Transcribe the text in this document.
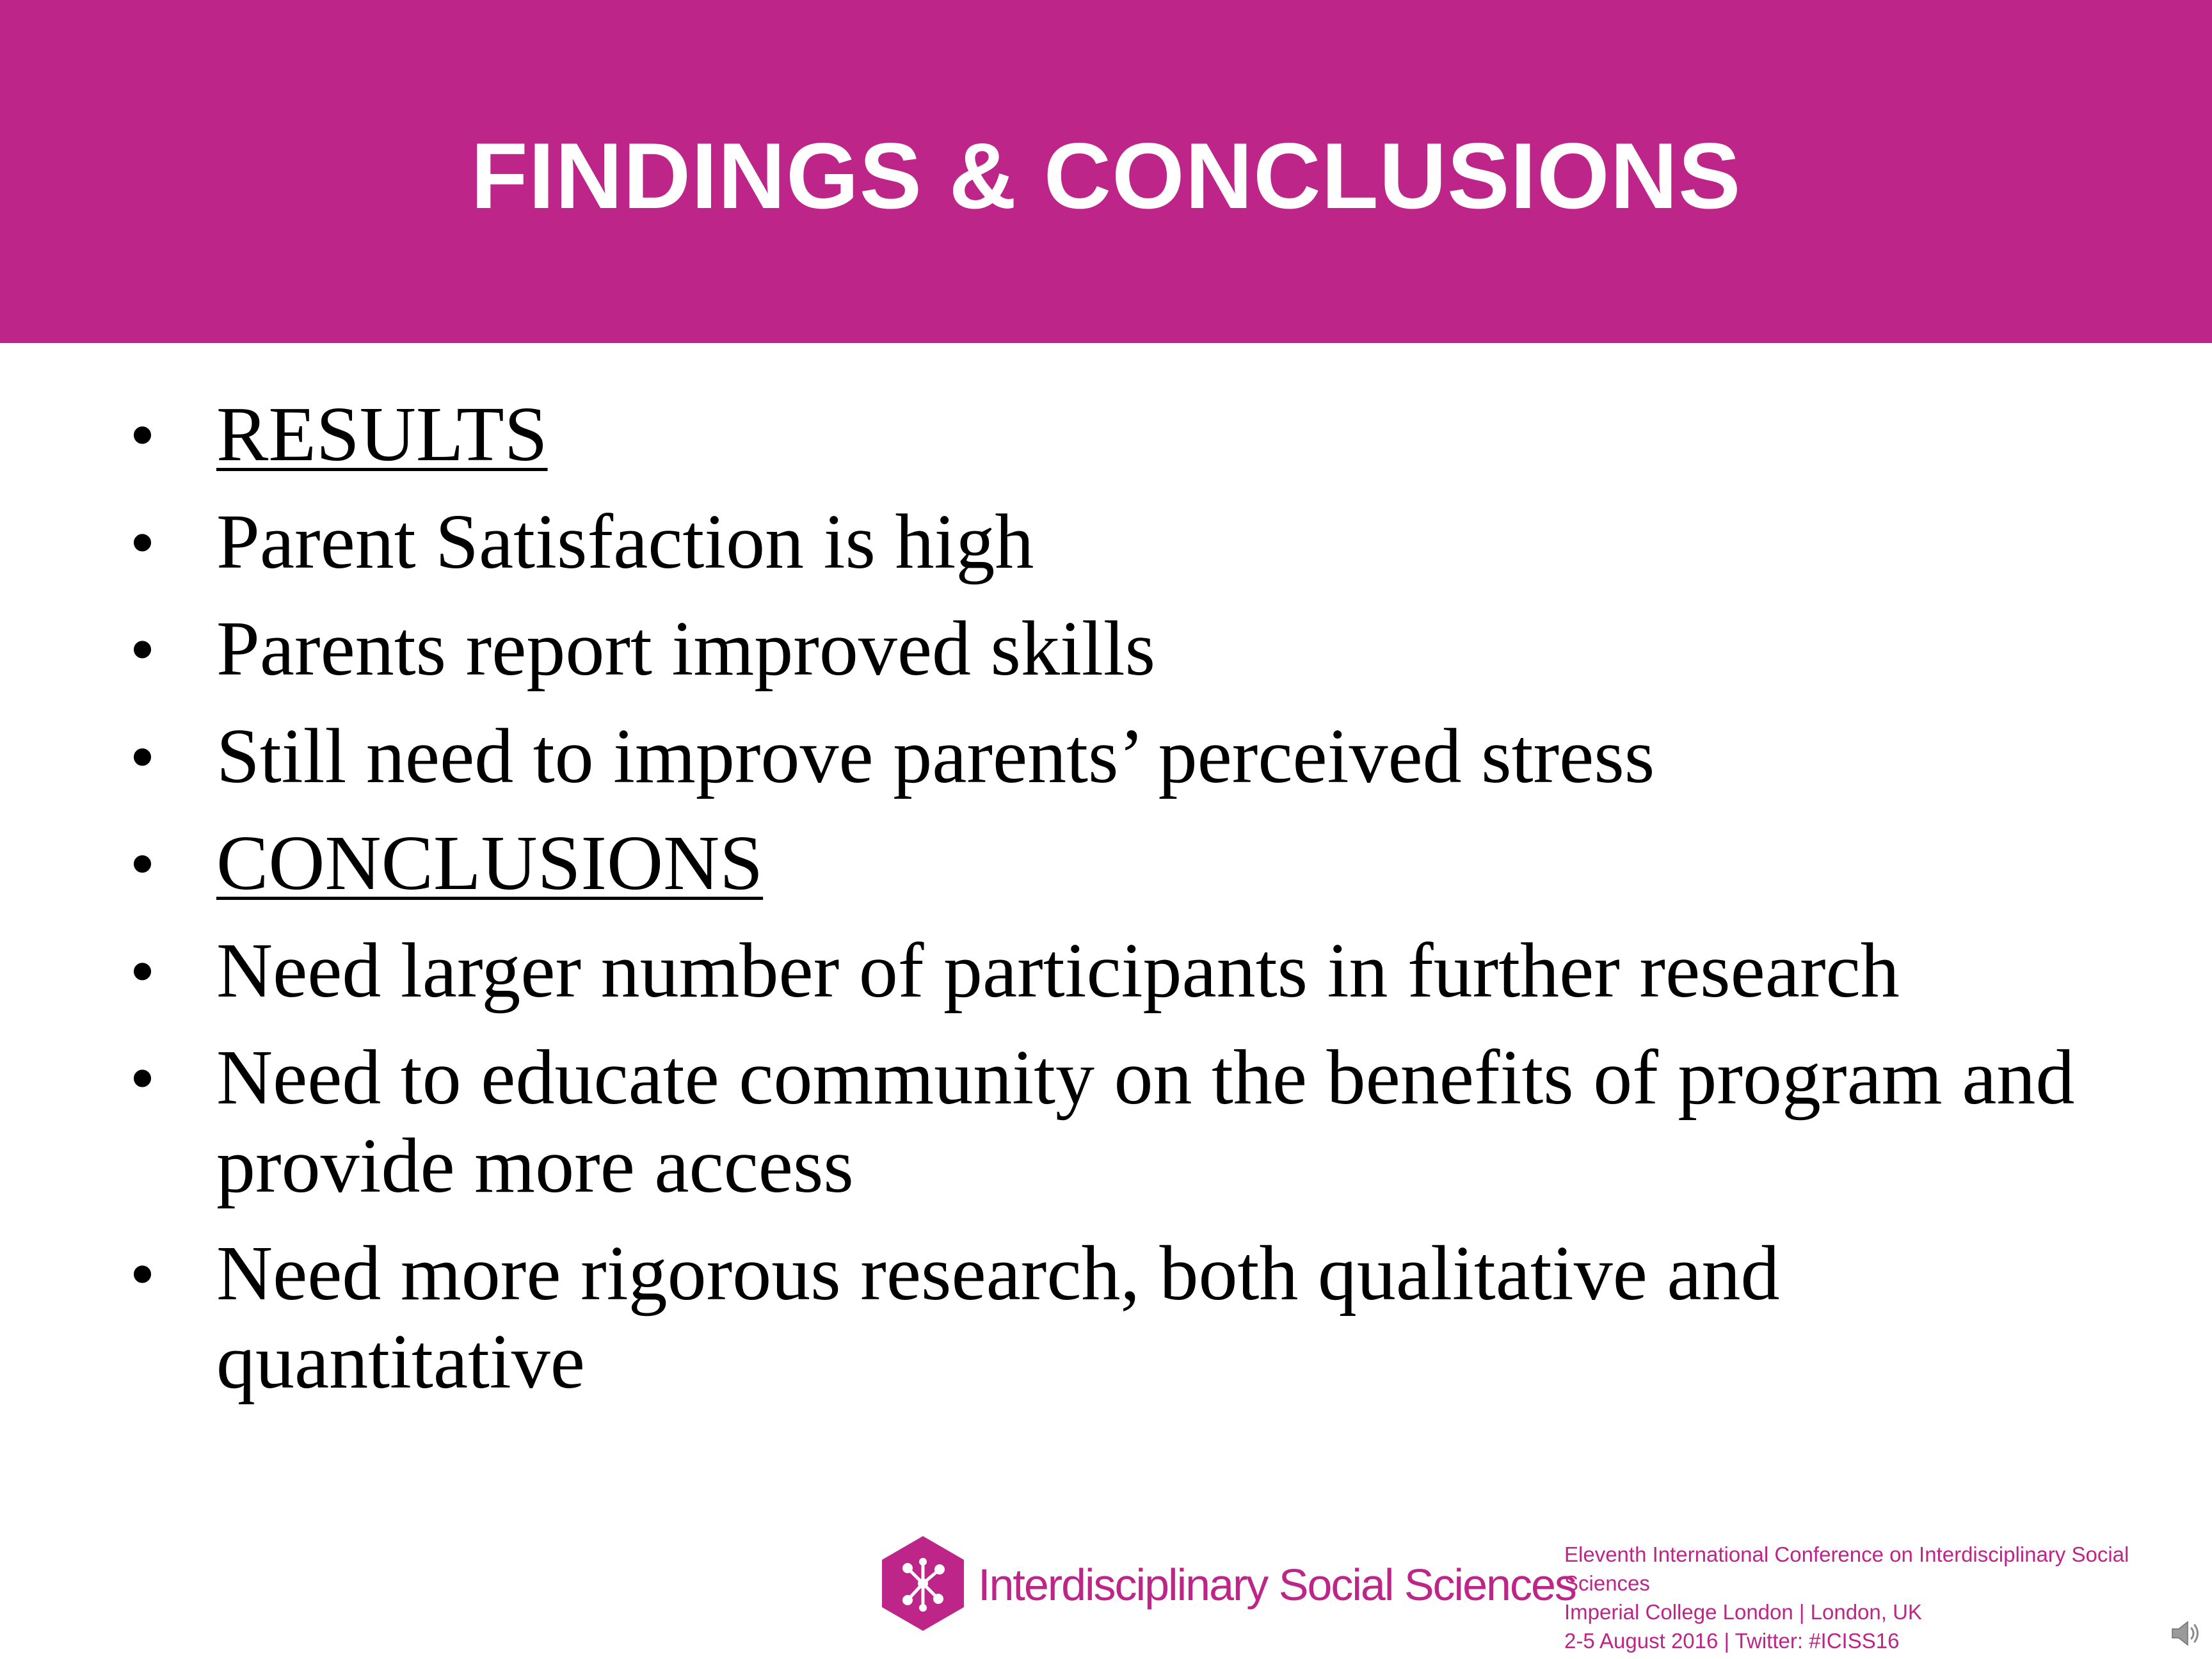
FINDINGS & CONCLUSIONS
• RESULTS
• Parent Satisfaction is high
• Parents report improved skills
• Still need to improve parents’ perceived stress
• CONCLUSIONS
• Need larger number of participants in further research
• Need to educate community on the benefits of program and provide more access
• Need more rigorous research, both qualitative and quantitative
Interdisciplinary Social Sciences
Eleventh International Conference on Interdisciplinary Social
Sciences
Imperial College London | London, UK
2-5 August 2016 | Twitter: #ICISS16
